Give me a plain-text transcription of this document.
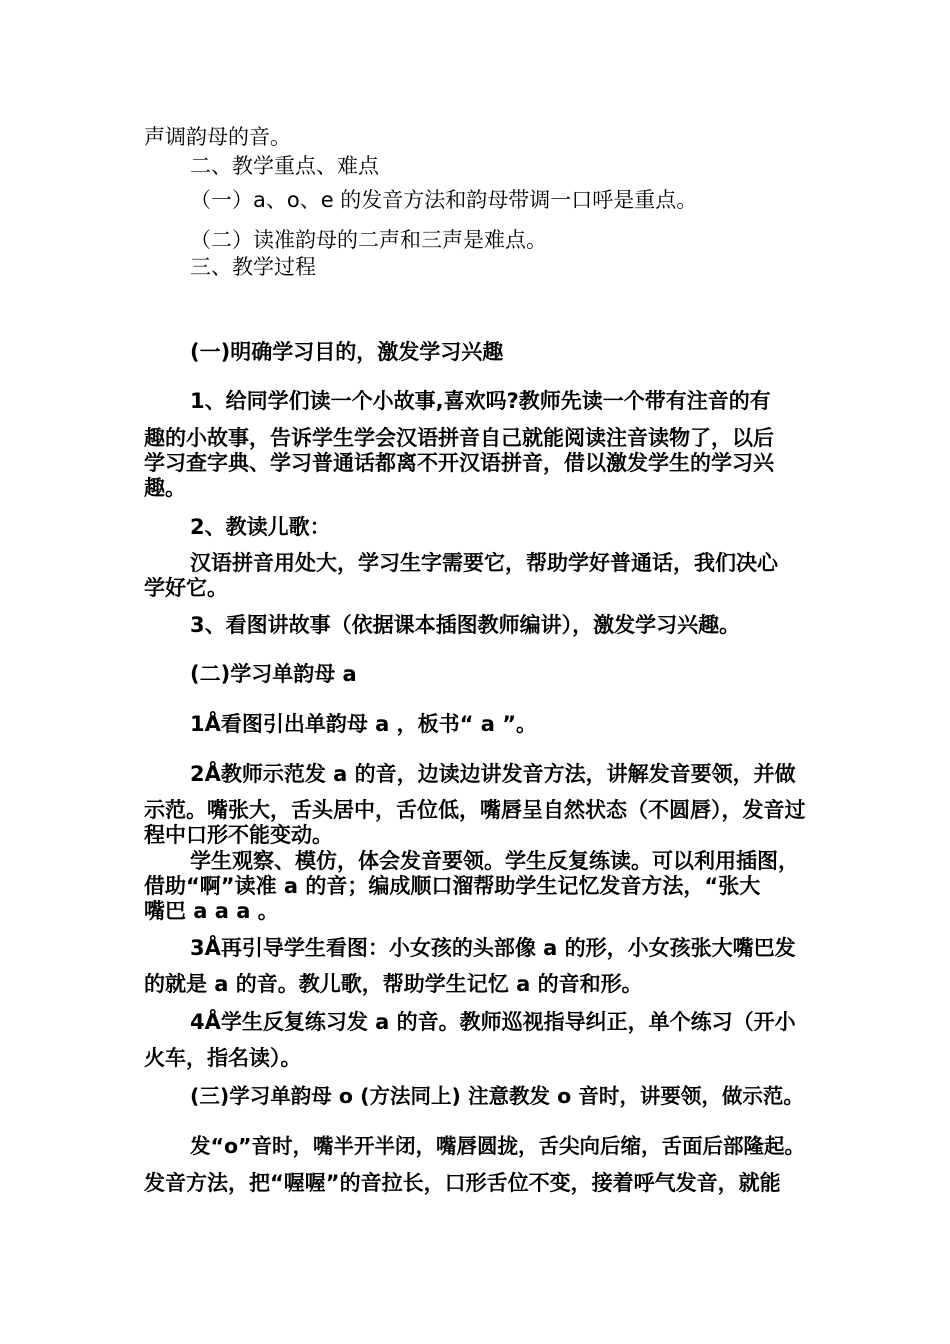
声调韵母的音。
二、教学重点、难点
（一）a、o、e 的发音方法和韵母带调一口呼是重点。
（二）读准韵母的二声和三声是难点。
三、教学过程
(一)明确学习目的，激发学习兴趣
1、给同学们读一个小故事,喜欢吗?教师先读一个带有注音的有
趣的小故事，告诉学生学会汉语拼音自己就能阅读注音读物了，以后
学习查字典、学习普通话都离不开汉语拼音，借以激发学生的学习兴
趣。
2、教读儿歌：
汉语拼音用处大，学习生字需要它，帮助学好普通话，我们决心
学好它。
3、看图讲故事（依据课本插图教师编讲），激发学习兴趣。
(二)学习单韵母 a
1Å看图引出单韵母 a ，板书“ a ”。
2Å教师示范发 a 的音，边读边讲发音方法，讲解发音要领，并做
示范。嘴张大，舌头居中，舌位低，嘴唇呈自然状态（不圆唇），发音过
程中口形不能变动。
学生观察、模仿，体会发音要领。学生反复练读。可以利用插图，
借助“啊”读准 a 的音；编成顺口溜帮助学生记忆发音方法，“张大
嘴巴 a a a 。
3Å再引导学生看图：小女孩的头部像 a 的形，小女孩张大嘴巴发
的就是 a 的音。教儿歌，帮助学生记忆 a 的音和形。
4Å学生反复练习发 a 的音。教师巡视指导纠正，单个练习（开小
火车，指名读）。
(三)学习单韵母 o (方法同上) 注意教发 o 音时，讲要领，做示范。
发“o”音时，嘴半开半闭，嘴唇圆拢，舌尖向后缩，舌面后部隆起。
发音方法，把“喔喔”的音拉长，口形舌位不变，接着呼气发音，就能
